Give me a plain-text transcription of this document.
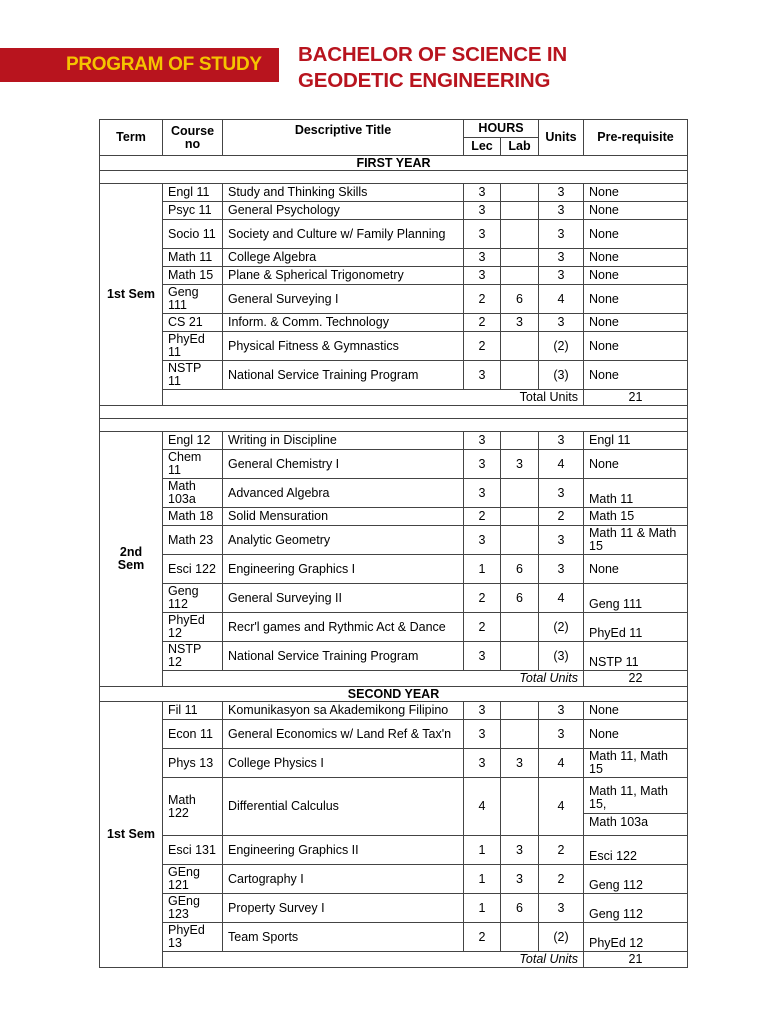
PROGRAM OF STUDY BACHELOR OF SCIENCE IN
GEODETIC ENGINEERING
Term	Course no	Descriptive Title	HOURS		Units	Pre-requisite	
			Lec	Lab			
FIRST YEAR							

1st Sem	Engl 11	Study and Thinking Skills	3		3	None	
	Psyc 11	General Psychology	3		3	None	
	Socio 11	Society and Culture w/ Family Planning	3		3	None	
	Math 11	College Algebra	3		3	None	
	Math 15	Plane & Spherical Trigonometry	3		3	None	
	Geng 111	General Surveying I	2	6	4	None	
	CS 21	Inform. & Comm. Technology	2	3	3	None	
	PhyEd 11	Physical Fitness & Gymnastics	2		(2)	None	
	NSTP 11	National Service Training Program	3		(3)	None	
			Total Units			21	

2nd Sem	Engl 12	Writing in Discipline	3		3	Engl 11	
	Chem 11	General Chemistry I	3	3	4	None	
	Math 103a	Advanced Algebra	3		3	Math 11	
	Math 18	Solid Mensuration	2		2	Math 15	
	Math 23	Analytic Geometry	3		3	Math 11 & Math 15	
	Esci 122	Engineering Graphics I	1	6	3	None	
	Geng 112	General Surveying II	2	6	4	Geng 111	
	PhyEd 12	Recr'l games and Rythmic Act & Dance	2		(2)	PhyEd 11	
	NSTP 12	National Service Training Program	3		(3)	NSTP 11	
			Total Units			22	
SECOND YEAR							
1st Sem	Fil 11	Komunikasyon sa Akademikong Filipino	3		3	None	
	Econ 11	General Economics w/ Land Ref & Tax'n	3		3	None	
	Phys 13	College Physics I	3	3	4	Math 11, Math 15	
	Math 122	Differential Calculus	4		4	Math 11, Math 15,
Math 103a	

	Esci 131	Engineering Graphics II	1	3	2	Esci 122	
	GEng 121	Cartography I	1	3	2	Geng 112	
	GEng 123	Property Survey I	1	6	3	Geng 112	
	PhyEd 13	Team Sports	2		(2)	PhyEd 12	
			Total Units			21	
